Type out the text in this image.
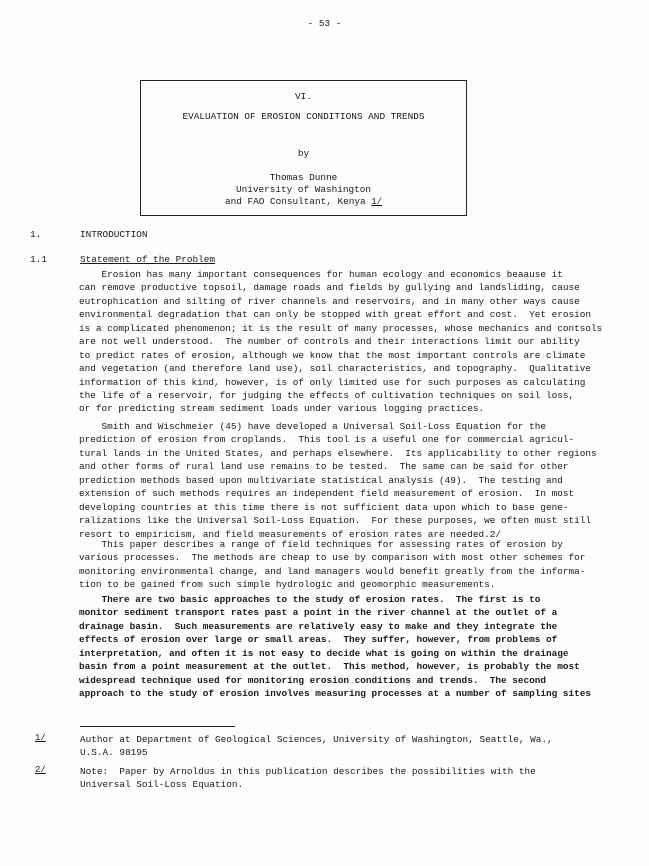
- 53 -
VI.
EVALUATION OF EROSION CONDITIONS AND TRENDS
by
Thomas Dunne
University of Washington
and FAO Consultant, Kenya 1/
1.	INTRODUCTION
1.1	Statement of the Problem
Erosion has many important consequences for human ecology and economics beaause it
can remove productive topsoil, damage roads and fields by gullying and landsliding, cause
eutrophication and silting of river channels and reservoirs, and in many other ways cause
environmental degradation that can only be stopped with great effort and cost.  Yet erosion
is a complicated phenomenon; it is the result of many processes, whose mechanics and contsols
are not well understood.  The number of controls and their interactions limit our ability
to predict rates of erosion, although we know that the most important controls are climate
and vegetation (and therefore land use), soil characteristics, and topography.  Qualitative
information of this kind, however, is of only limited use for such purposes as calculating
the life of a reservoir, for judging the effects of cultivation techniques on soil loss,
or for predicting stream sediment loads under various logging practices.
Smith and Wischmeier (45) have developed a Universal Soil-Loss Equation for the
prediction of erosion from croplands.  This tool is a useful one for commercial agricul-
tural lands in the United States, and perhaps elsewhere.  Its applicability to other regions
and other forms of rural land use remains to be tested.  The same can be said for other
prediction methods based upon multivariate statistical analysis (49).  The testing and
extension of such methods requires an independent field measurement of erosion.  In most
developing countries at this time there is not sufficient data upon which to base gene-
ralizations like the Universal Soil-Loss Equation.  For these purposes, we often must still
resort to empiricism, and field measurements of erosion rates are needed.2/
This paper describes a range of field techniques for assessing rates of erosion by
various processes.  The methods are cheap to use by comparison with most other schemes for
monitoring environmental change, and land managers would benefit greatly from the informa-
tion to be gained from such simple hydrologic and geomorphic measurements.
There are two basic approaches to the study of erosion rates.  The first is to
monitor sediment transport rates past a point in the river channel at the outlet of a
drainage basin.  Such measurements are relatively easy to make and they integrate the
effects of erosion over large or small areas.  They suffer, however, from problems of
interpretation, and often it is not easy to decide what is going on within the drainage
basin from a point measurement at the outlet.  This method, however, is probably the most
widespread technique used for monitoring erosion conditions and trends.  The second
approach to the study of erosion involves measuring processes at a number of sampling sites
1/	Author at Department of Geological Sciences, University of Washington, Seattle, Wa.,
U.S.A. 98195
2/	Note:  Paper by Arnoldus in this publication describes the possibilities with the
Universal Soil-Loss Equation.
